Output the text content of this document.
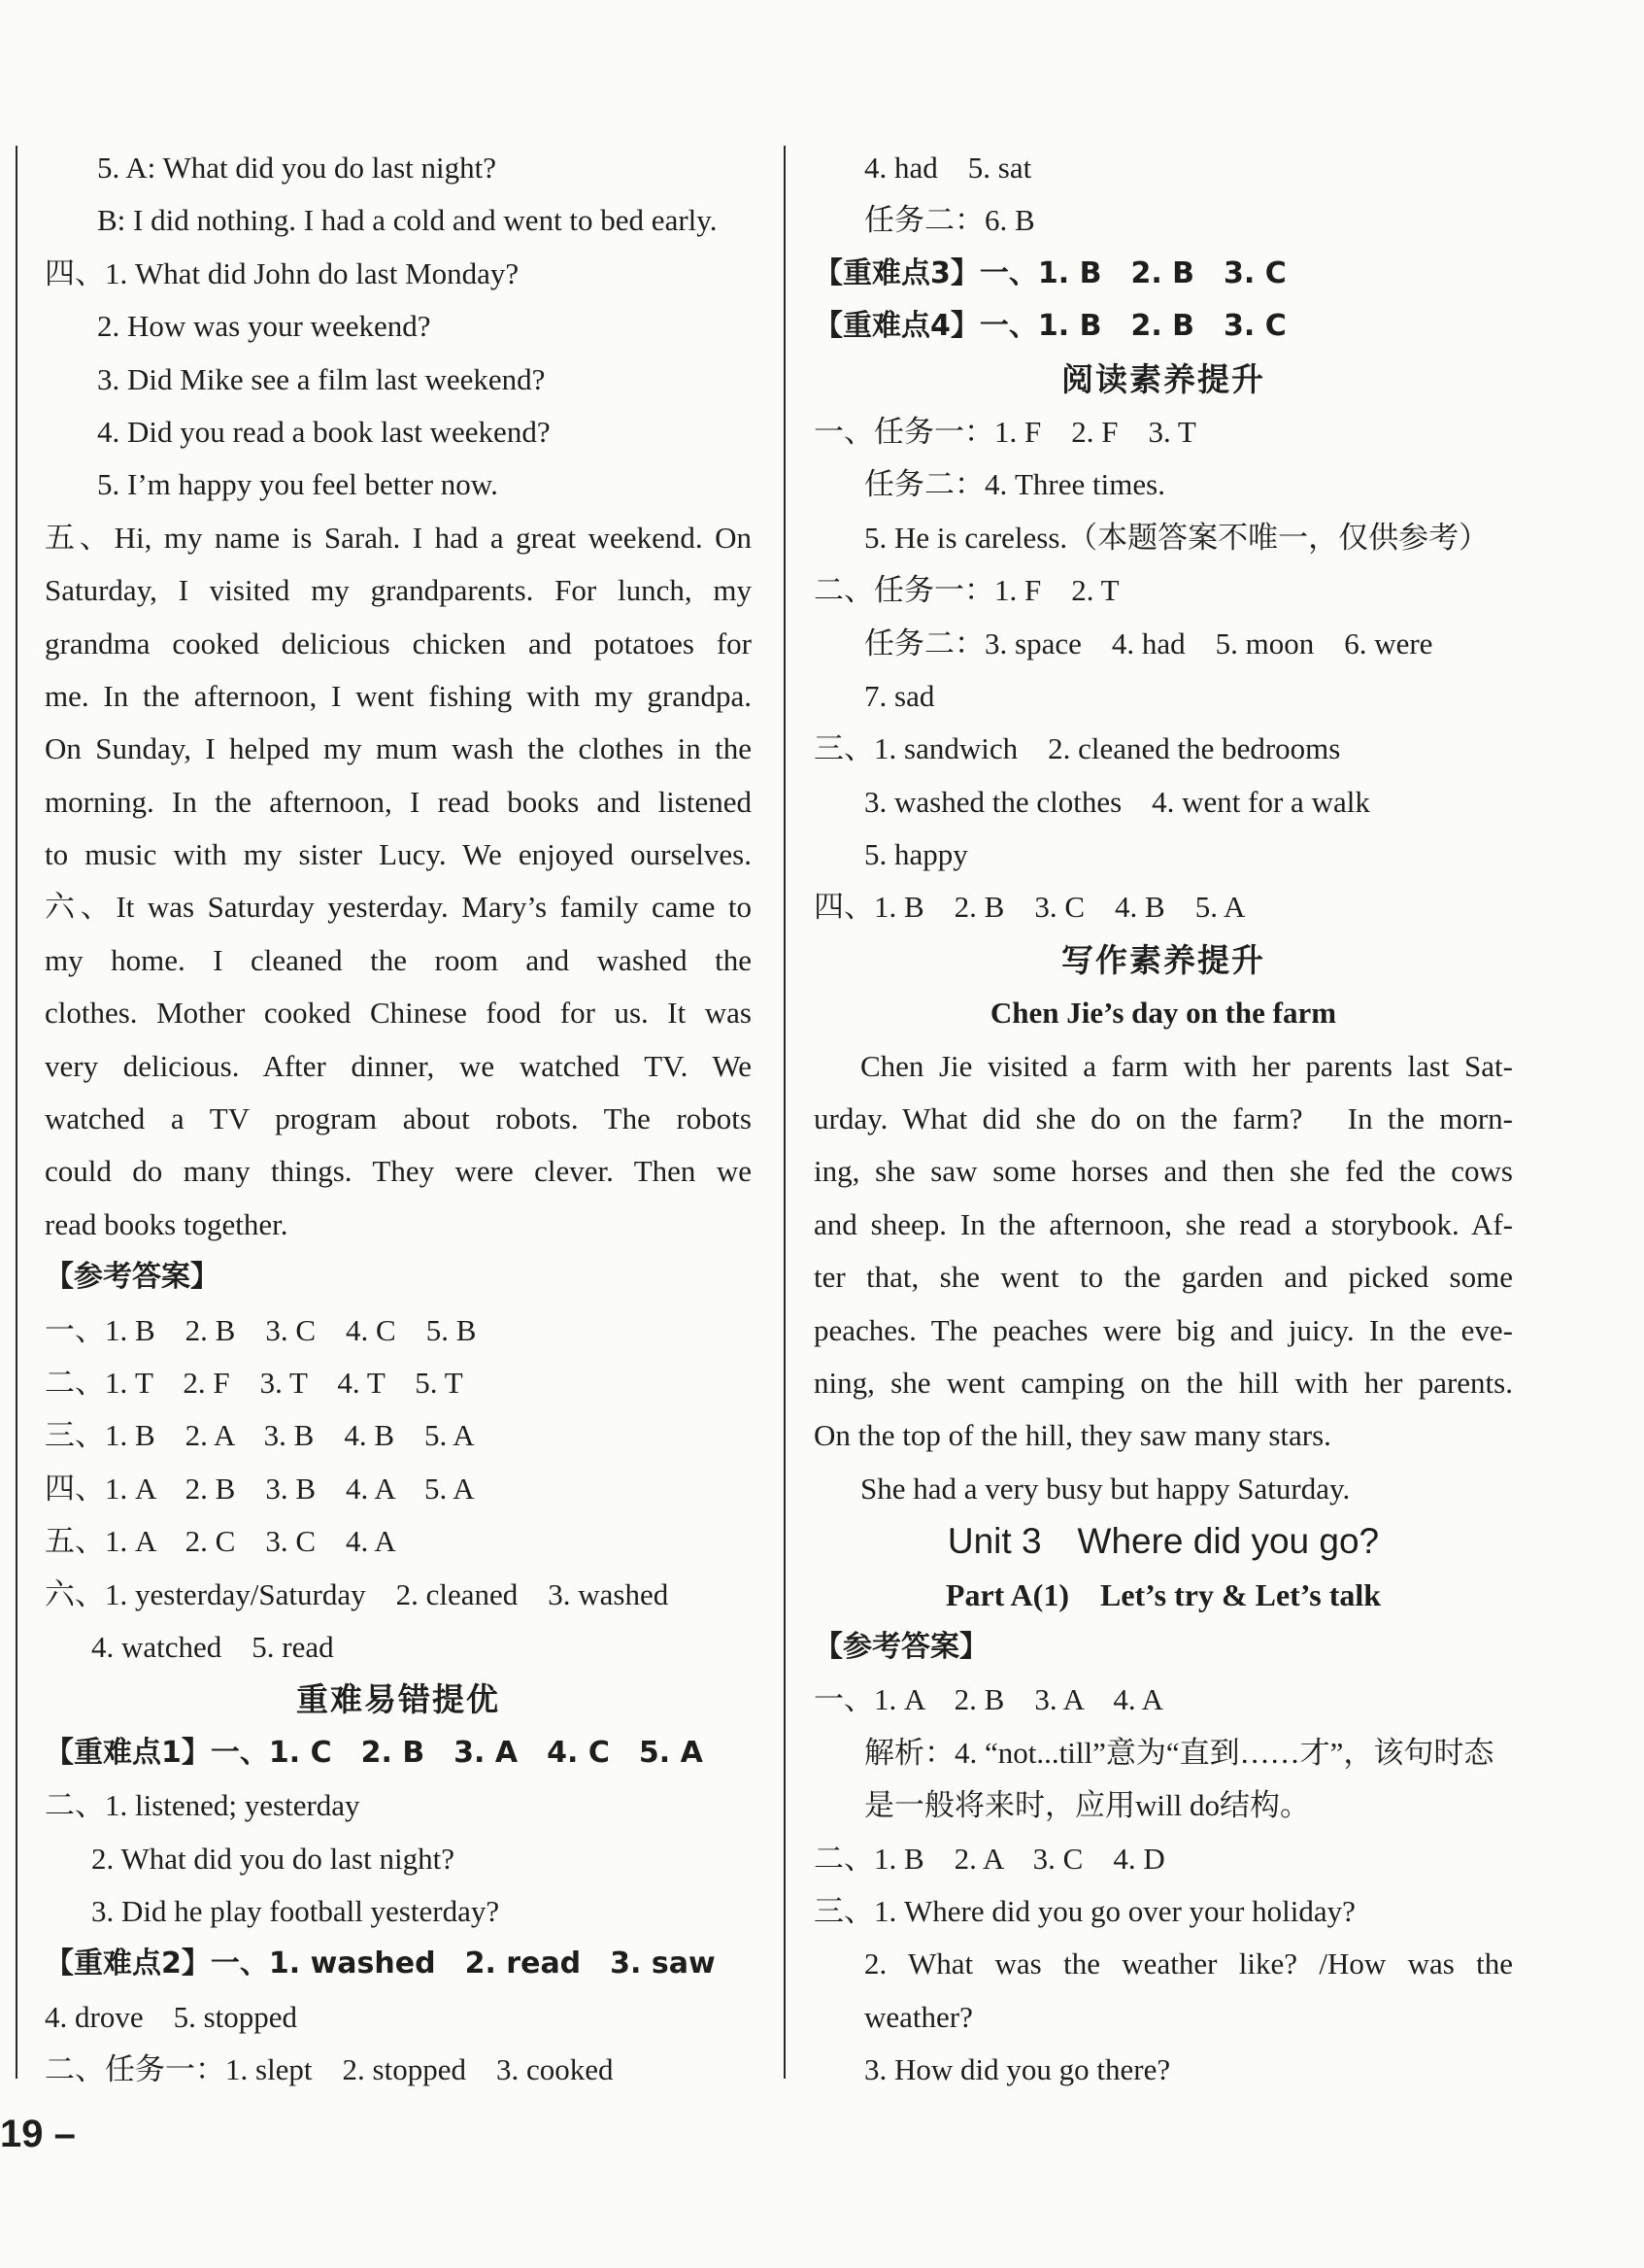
5. A: What did you do last night?
B: I did nothing. I had a cold and went to bed early.
四、1. What did John do last Monday?
2. How was your weekend?
3. Did Mike see a film last weekend?
4. Did you read a book last weekend?
5. I’m happy you feel better now.
五、Hi, my name is Sarah. I had a great weekend. On
Saturday, I visited my grandparents. For lunch, my
grandma cooked delicious chicken and potatoes for
me. In the afternoon, I went fishing with my grandpa.
On Sunday, I helped my mum wash the clothes in the
morning. In the afternoon, I read books and listened
to music with my sister Lucy. We enjoyed ourselves.
六、It was Saturday yesterday. Mary’s family came to
my home. I cleaned the room and washed the
clothes. Mother cooked Chinese food for us. It was
very delicious. After dinner, we watched TV. We
watched a TV program about robots. The robots
could do many things. They were clever. Then we
read books together.
【参考答案】
一、1. B　2. B　3. C　4. C　5. B
二、1. T　2. F　3. T　4. T　5. T
三、1. B　2. A　3. B　4. B　5. A
四、1. A　2. B　3. B　4. A　5. A
五、1. A　2. C　3. C　4. A
六、1. yesterday/Saturday　2. cleaned　3. washed
4. watched　5. read
重难易错提优
【重难点1】一、1. C　2. B　3. A　4. C　5. A
二、1. listened; yesterday
2. What did you do last night?
3. Did he play football yesterday?
【重难点2】一、1. washed　2. read　3. saw
4. drove　5. stopped
二、任务一：1. slept　2. stopped　3. cooked
4. had　5. sat
任务二：6. B
【重难点3】一、1. B　2. B　3. C
【重难点4】一、1. B　2. B　3. C
阅读素养提升
一、任务一：1. F　2. F　3. T
任务二：4. Three times.
5. He is careless.（本题答案不唯一，仅供参考）
二、任务一：1. F　2. T
任务二：3. space　4. had　5. moon　6. were
7. sad
三、1. sandwich　2. cleaned the bedrooms
3. washed the clothes　4. went for a walk
5. happy
四、1. B　2. B　3. C　4. B　5. A
写作素养提升
Chen Jie’s day on the farm
Chen Jie visited a farm with her parents last Sat-
urday. What did she do on the farm?　In the morn-
ing, she saw some horses and then she fed the cows
and sheep. In the afternoon, she read a storybook. Af-
ter that, she went to the garden and picked some
peaches. The peaches were big and juicy. In the eve-
ning, she went camping on the hill with her parents.
On the top of the hill, they saw many stars.
She had a very busy but happy Saturday.
Unit 3　Where did you go?
Part A(1)　Let’s try & Let’s talk
【参考答案】
一、1. A　2. B　3. A　4. A
解析：4. “not...till”意为“直到……才”，该句时态
是一般将来时，应用will do结构。
二、1. B　2. A　3. C　4. D
三、1. Where did you go over your holiday?
2. What was the weather like? /How was the
weather?
3. How did you go there?
19 –
